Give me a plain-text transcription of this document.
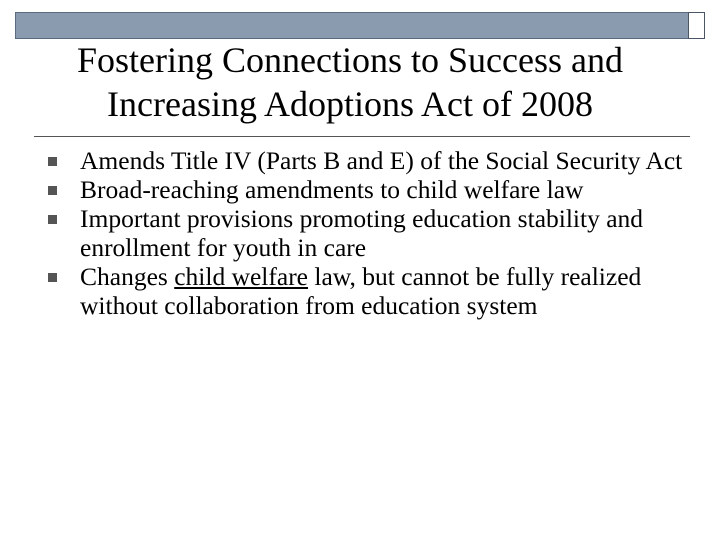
Fostering Connections to Success and
Increasing Adoptions Act of 2008
Amends Title IV (Parts B and E) of the Social Security Act
Broad-reaching amendments to child welfare law
Important provisions promoting education stability and enrollment for youth in care
Changes child welfare law, but cannot be fully realized without collaboration from education system
